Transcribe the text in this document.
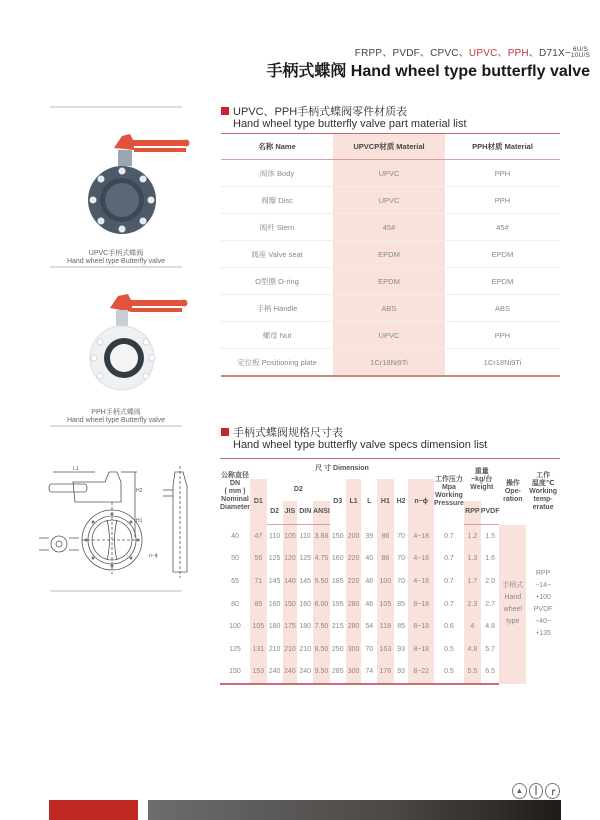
FRPP、PVDF、CPVC、UPVC、PPH、D71X− 6U/S
10U/S
手柄式蝶阀 Hand wheel type butterfly valve
UPVC手柄式蝶阀
Hand wheel type Butterfly valve
PPH手柄式蝶阀
Hand wheel type Butterfly valve
L1
H2
H1
n−ϕ
UPVC、PPH手柄式蝶阀零件材质表
Hand wheel type butterfly valve part material list
名称 Name	UPVCP材质 Material	PPH材质 Material
阀体 Body	UPVC	PPH
阀瓣 Disc	UPVC	PPH
阀杆 Stem	45#	45#
阀座 Valve seat	EPDM	EPDM
O型圈 O-ring	EPDM	EPDM
手柄 Handle	ABS	ABS
螺母 Nut	UPVC	PPH
定位板 Positioning plate	1Cr18Ni9Ti	1Cr18Ni9Ti
手柄式蝶阀规格尺寸表
Hand wheel type butterfly valve specs dimension list
公称直径
DN
( mm )
Nominal
Diameter
	尺 寸 Dimension	
工作压力
Mpa
Working
Pressure

重量
~kg/台
Weight

操作
Ope-
ration

工作
温度℃
Working
temp-
eratue

	D1	D2				D3	L1	L	H1	H2	n−ϕ					
		D2	JIS	DIN	ANSI								RPP	PVDF		
40	47	110	105	110	3.88	150	200	39	86	70	4−18	0.7	1.2	1.5	
手柄式
Hand
wheel
type

RPP
−14~
+100
PVDF
−40~
+135

50	56	125	120	125	4.75	160	220	40	88	70	4−18	0.7	1.3	1.6		
65	71	145	140	145	5.50	185	220	46	100	70	4−18	0.7	1.7	2.0		
80	85	160	150	160	6.00	195	280	46	105	85	8−18	0.7	2.3	2.7		
100	105	180	175	180	7.50	215	280	54	118	85	8−18	0.6	4	4.8		
125	131	210	210	210	8.50	250	300	70	163	93	8−18	0.5	4.8	5.7		
150	153	240	240	240	9.50	285	300	74	176	93	8−22	0.5	5.5	6.5		
▲	┃	┏
